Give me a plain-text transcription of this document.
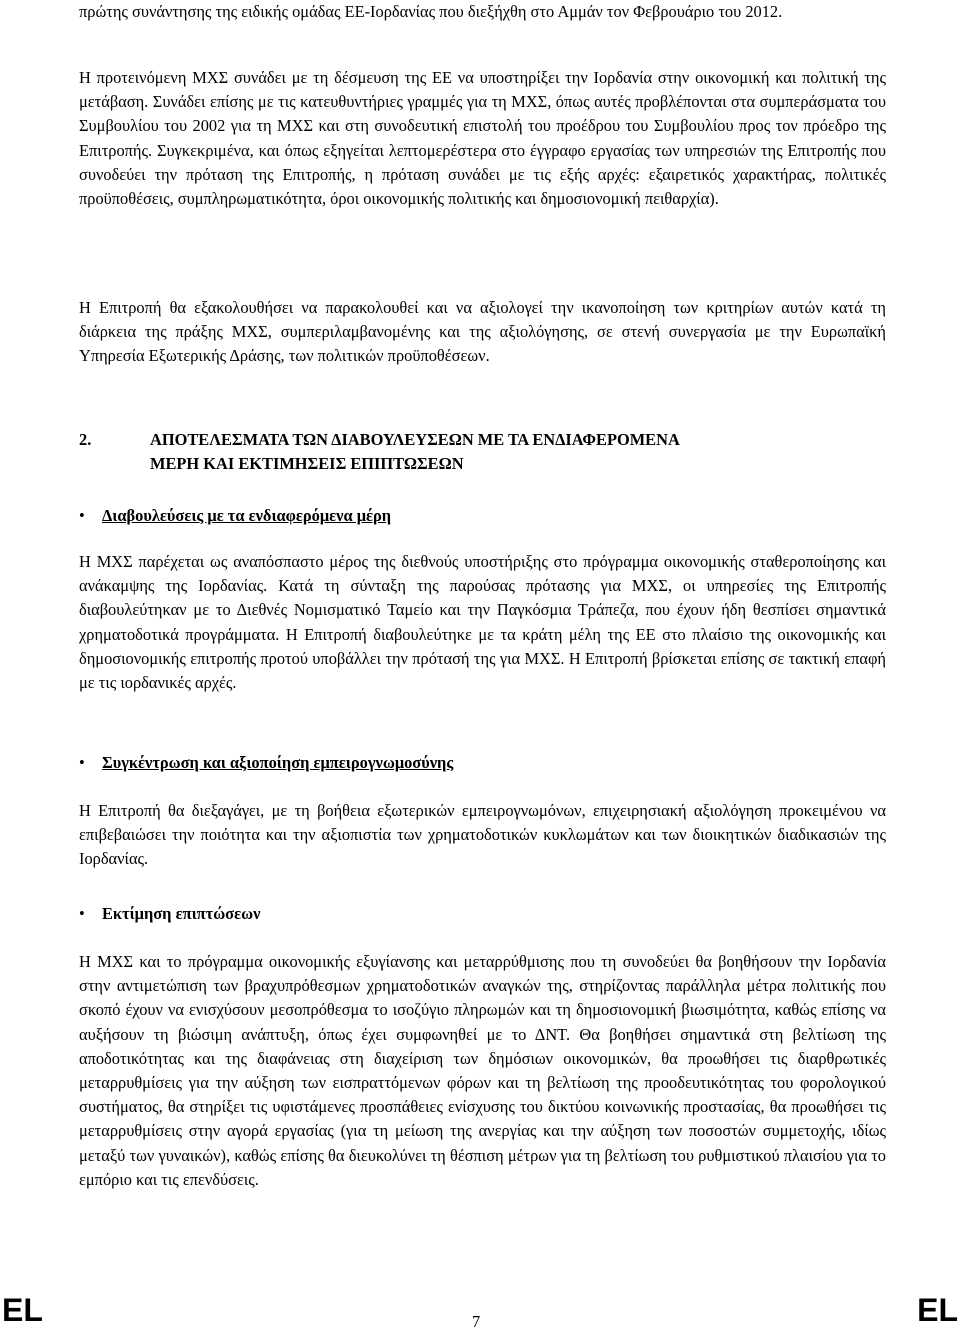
πρώτης συνάντησης της ειδικής ομάδας ΕΕ-Ιορδανίας που διεξήχθη στο Αμμάν τον Φεβρουάριο του 2012.

Η προτεινόμενη ΜΧΣ συνάδει με τη δέσμευση της ΕΕ να υποστηρίξει την Ιορδανία στην οικονομική και πολιτική της μετάβαση. Συνάδει επίσης με τις κατευθυντήριες γραμμές για τη ΜΧΣ, όπως αυτές προβλέπονται στα συμπεράσματα του Συμβουλίου του 2002 για τη ΜΧΣ και στη συνοδευτική επιστολή του προέδρου του Συμβουλίου προς τον πρόεδρο της Επιτροπής. Συγκεκριμένα, και όπως εξηγείται λεπτομερέστερα στο έγγραφο εργασίας των υπηρεσιών της Επιτροπής που συνοδεύει την πρόταση της Επιτροπής, η πρόταση συνάδει με τις εξής αρχές: εξαιρετικός χαρακτήρας, πολιτικές προϋποθέσεις, συμπληρωματικότητα, όροι οικονομικής πολιτικής και δημοσιονομική πειθαρχία).

Η Επιτροπή θα εξακολουθήσει να παρακολουθεί και να αξιολογεί την ικανοποίηση των κριτηρίων αυτών κατά τη διάρκεια της πράξης ΜΧΣ, συμπεριλαμβανομένης και της αξιολόγησης, σε στενή συνεργασία με την Ευρωπαϊκή Υπηρεσία Εξωτερικής Δράσης, των πολιτικών προϋποθέσεων.

2.	ΑΠΟΤΕΛΕΣΜΑΤΑ ΤΩΝ ΔΙΑΒΟΥΛΕΥΣΕΩΝ ΜΕ ΤΑ ΕΝΔΙΑΦΕΡΟΜΕΝΑ
ΜΕΡΗ ΚΑΙ ΕΚΤΙΜΗΣΕΙΣ ΕΠΙΠΤΩΣΕΩΝ
• Διαβουλεύσεις με τα ενδιαφερόμενα μέρη

Η ΜΧΣ παρέχεται ως αναπόσπαστο μέρος της διεθνούς υποστήριξης στο πρόγραμμα οικονομικής σταθεροποίησης και ανάκαμψης της Ιορδανίας. Κατά τη σύνταξη της παρούσας πρότασης για ΜΧΣ, οι υπηρεσίες της Επιτροπής διαβουλεύτηκαν με το Διεθνές Νομισματικό Ταμείο και την Παγκόσμια Τράπεζα, που έχουν ήδη θεσπίσει σημαντικά χρηματοδοτικά προγράμματα. Η Επιτροπή διαβουλεύτηκε με τα κράτη μέλη της ΕΕ στο πλαίσιο της οικονομικής και δημοσιονομικής επιτροπής προτού υποβάλλει την πρότασή της για ΜΧΣ. Η Επιτροπή βρίσκεται επίσης σε τακτική επαφή με τις ιορδανικές αρχές.

• Συγκέντρωση και αξιοποίηση εμπειρογνωμοσύνης

Η Επιτροπή θα διεξαγάγει, με τη βοήθεια εξωτερικών εμπειρογνωμόνων, επιχειρησιακή αξιολόγηση προκειμένου να επιβεβαιώσει την ποιότητα και την αξιοπιστία των χρηματοδοτικών κυκλωμάτων και των διοικητικών διαδικασιών της Ιορδανίας.

• Εκτίμηση επιπτώσεων

Η ΜΧΣ και το πρόγραμμα οικονομικής εξυγίανσης και μεταρρύθμισης που τη συνοδεύει θα βοηθήσουν την Ιορδανία στην αντιμετώπιση των βραχυπρόθεσμων χρηματοδοτικών αναγκών της, στηρίζοντας παράλληλα μέτρα πολιτικής που σκοπό έχουν να ενισχύσουν μεσοπρόθεσμα το ισοζύγιο πληρωμών και τη δημοσιονομική βιωσιμότητα, καθώς επίσης να αυξήσουν τη βιώσιμη ανάπτυξη, όπως έχει συμφωνηθεί με το ΔΝΤ. Θα βοηθήσει σημαντικά στη βελτίωση της αποδοτικότητας και της διαφάνειας στη διαχείριση των δημόσιων οικονομικών, θα προωθήσει τις διαρθρωτικές μεταρρυθμίσεις για την αύξηση των εισπραττόμενων φόρων και τη βελτίωση της προοδευτικότητας του φορολογικού συστήματος, θα στηρίξει τις υφιστάμενες προσπάθειες ενίσχυσης του δικτύου κοινωνικής προστασίας, θα προωθήσει τις μεταρρυθμίσεις στην αγορά εργασίας (για τη μείωση της ανεργίας και την αύξηση των ποσοστών συμμετοχής, ιδίως μεταξύ των γυναικών), καθώς επίσης θα διευκολύνει τη θέσπιση μέτρων για τη βελτίωση του ρυθμιστικού πλαισίου για το εμπόριο και τις επενδύσεις.

EL	7	EL
